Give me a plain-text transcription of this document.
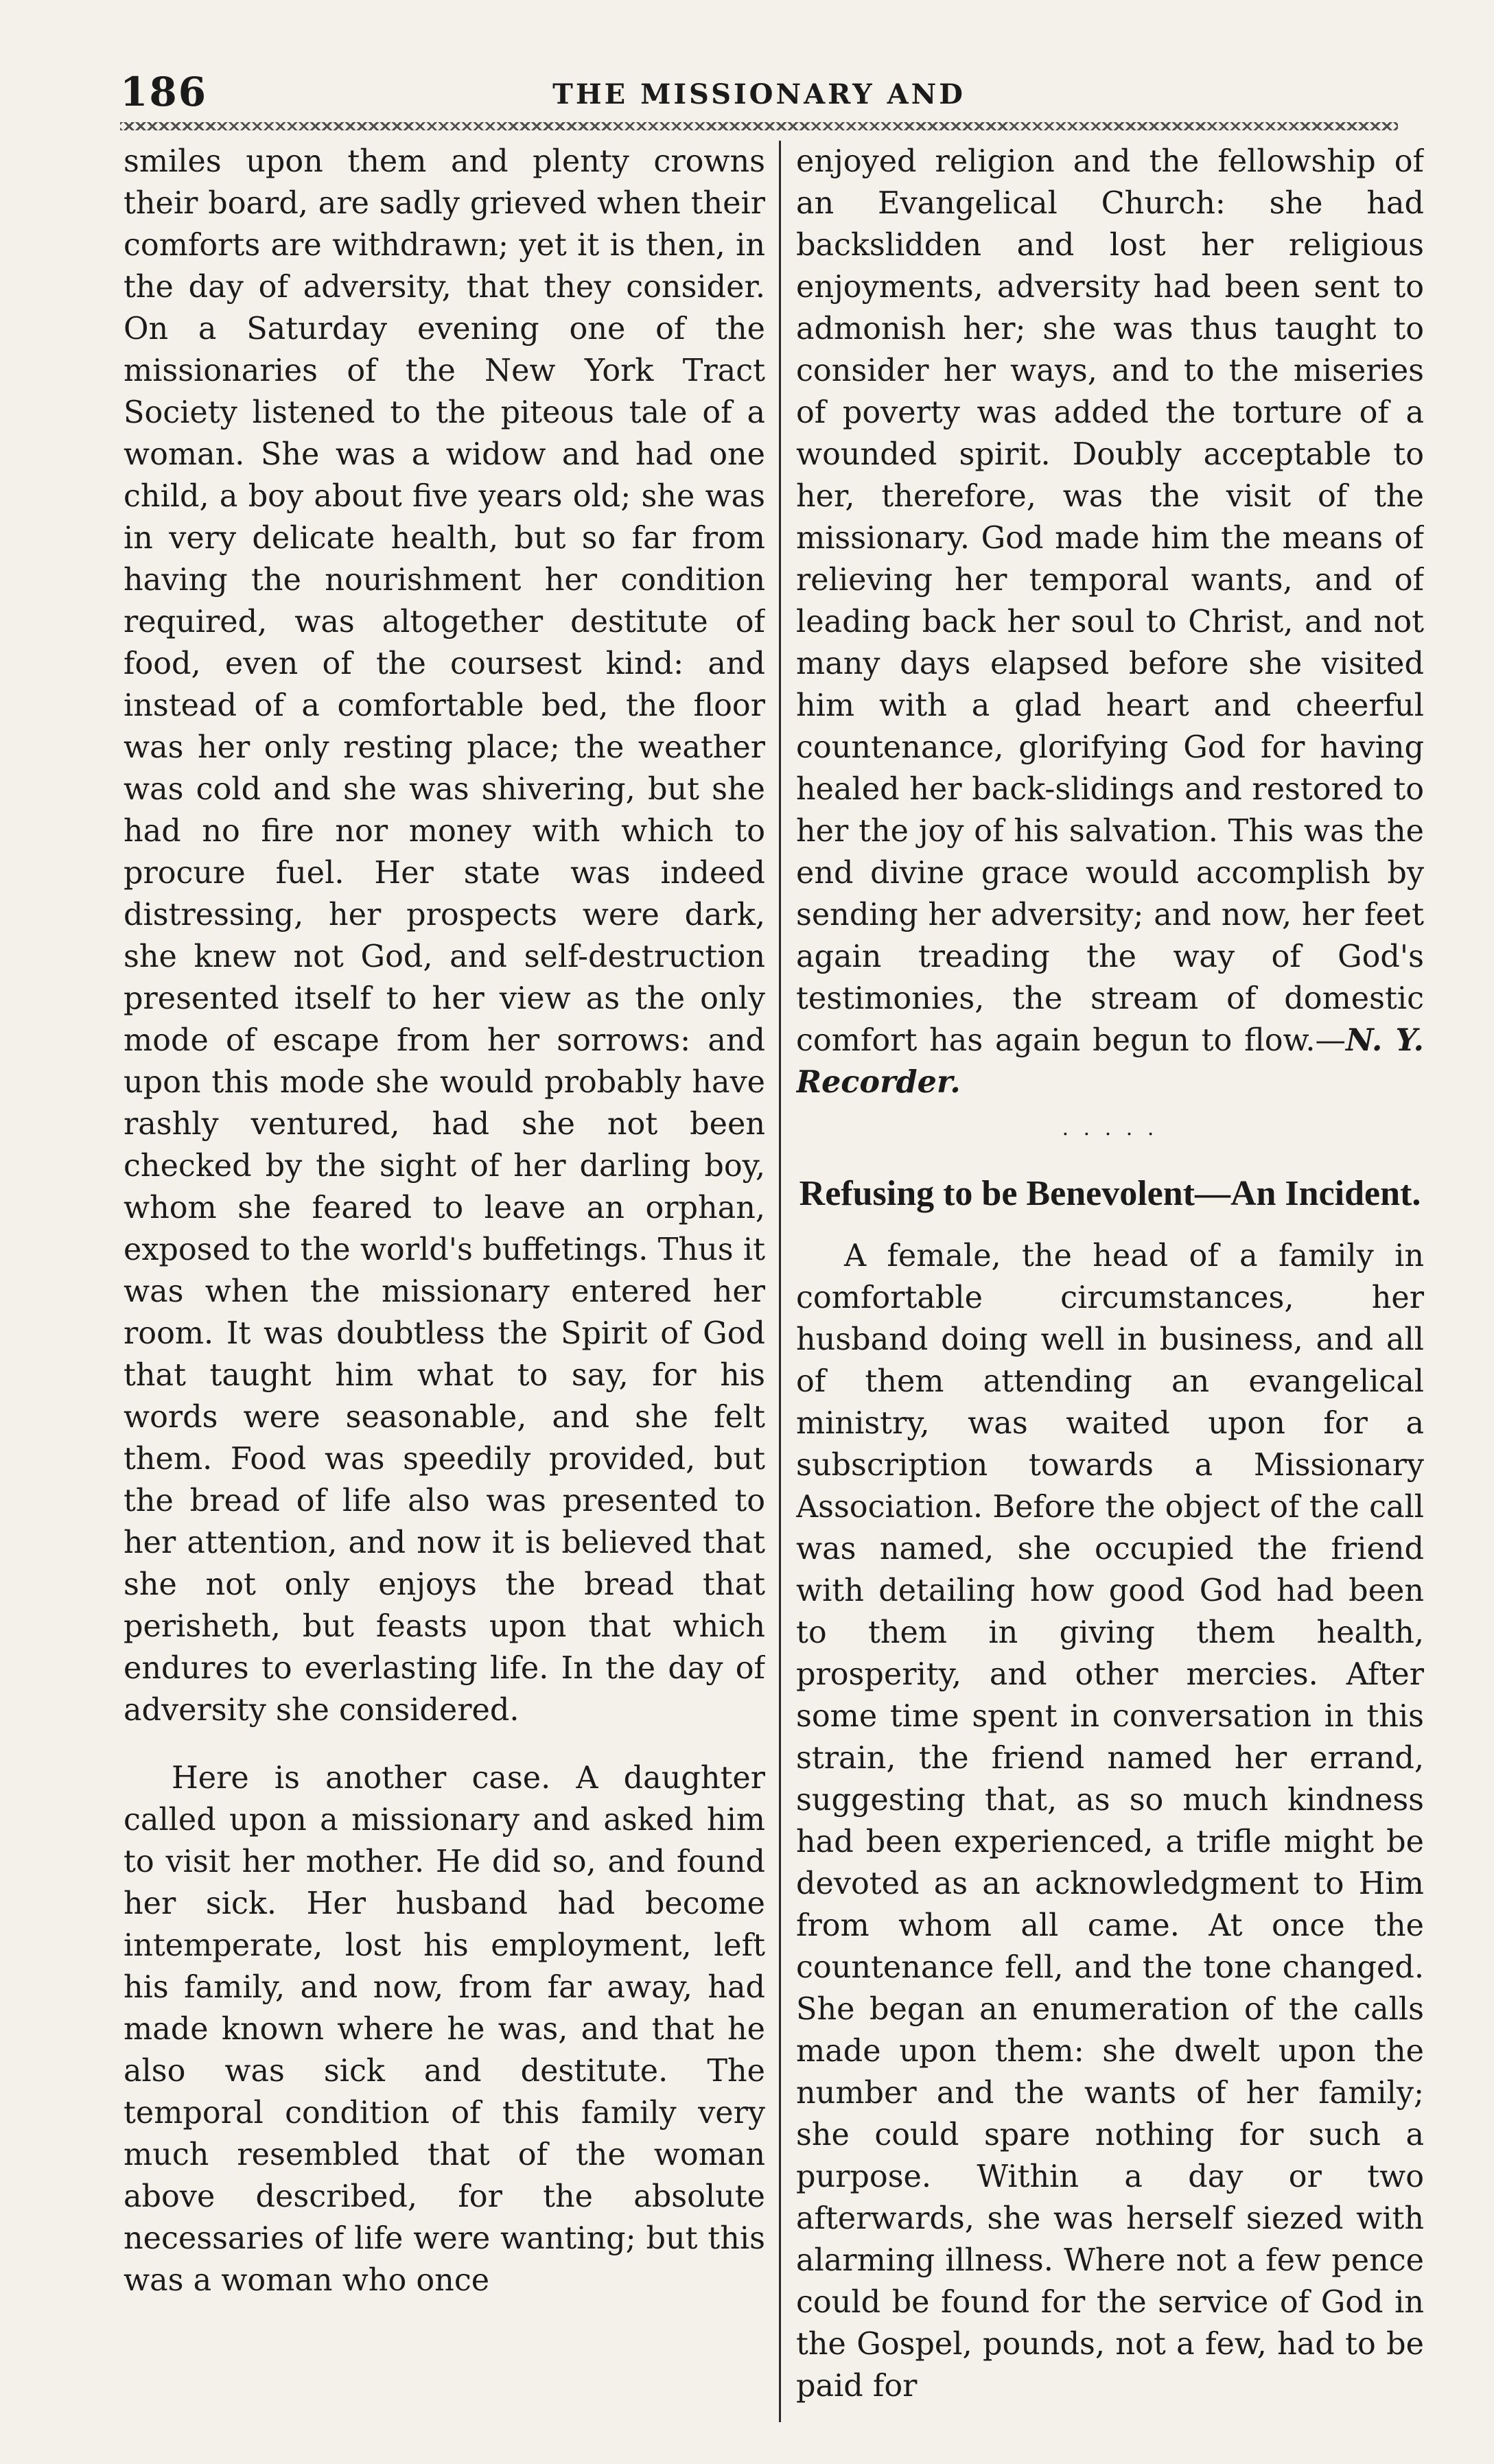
186	THE MISSIONARY AND

smiles upon them and plenty crowns their board, are sadly grieved when their comforts are withdrawn; yet it is then, in the day of adversity, that they consider. On a Saturday evening one of the missionaries of the New York Tract Society listened to the piteous tale of a woman. She was a widow and had one child, a boy about five years old; she was in very delicate health, but so far from having the nourishment her condition required, was altogether destitute of food, even of the coursest kind: and instead of a comfortable bed, the floor was her only resting place; the weather was cold and she was shivering, but she had no fire nor money with which to procure fuel. Her state was indeed distressing, her prospects were dark, she knew not God, and self-destruction presented itself to her view as the only mode of escape from her sorrows: and upon this mode she would probably have rashly ventured, had she not been checked by the sight of her darling boy, whom she feared to leave an orphan, exposed to the world's buffetings. Thus it was when the missionary entered her room. It was doubtless the Spirit of God that taught him what to say, for his words were seasonable, and she felt them. Food was speedily provided, but the bread of life also was presented to her attention, and now it is believed that she not only enjoys the bread that perisheth, but feasts upon that which endures to everlasting life. In the day of adversity she considered.

Here is another case. A daughter called upon a missionary and asked him to visit her mother. He did so, and found her sick. Her husband had become intemperate, lost his employment, left his family, and now, from far away, had made known where he was, and that he also was sick and destitute. The temporal condition of this family very much resembled that of the woman above described, for the absolute necessaries of life were wanting; but this was a woman who once

enjoyed religion and the fellowship of an Evangelical Church: she had backslidden and lost her religious enjoyments, adversity had been sent to admonish her; she was thus taught to consider her ways, and to the miseries of poverty was added the torture of a wounded spirit. Doubly acceptable to her, therefore, was the visit of the missionary. God made him the means of relieving her temporal wants, and of leading back her soul to Christ, and not many days elapsed before she visited him with a glad heart and cheerful countenance, glorifying God for having healed her back-slidings and restored to her the joy of his salvation. This was the end divine grace would accomplish by sending her adversity; and now, her feet again treading the way of God's testimonies, the stream of domestic comfort has again begun to flow.—N. Y. Recorder.

· · · · ·
Refusing to be Benevolent—An Incident.

A female, the head of a family in comfortable circumstances, her husband doing well in business, and all of them attending an evangelical ministry, was waited upon for a subscription towards a Missionary Association. Before the object of the call was named, she occupied the friend with detailing how good God had been to them in giving them health, prosperity, and other mercies. After some time spent in conversation in this strain, the friend named her errand, suggesting that, as so much kindness had been experienced, a trifle might be devoted as an acknowledgment to Him from whom all came. At once the countenance fell, and the tone changed. She began an enumeration of the calls made upon them: she dwelt upon the number and the wants of her family; she could spare nothing for such a purpose. Within a day or two afterwards, she was herself siezed with alarming illness. Where not a few pence could be found for the service of God in the Gospel, pounds, not a few, had to be paid for
